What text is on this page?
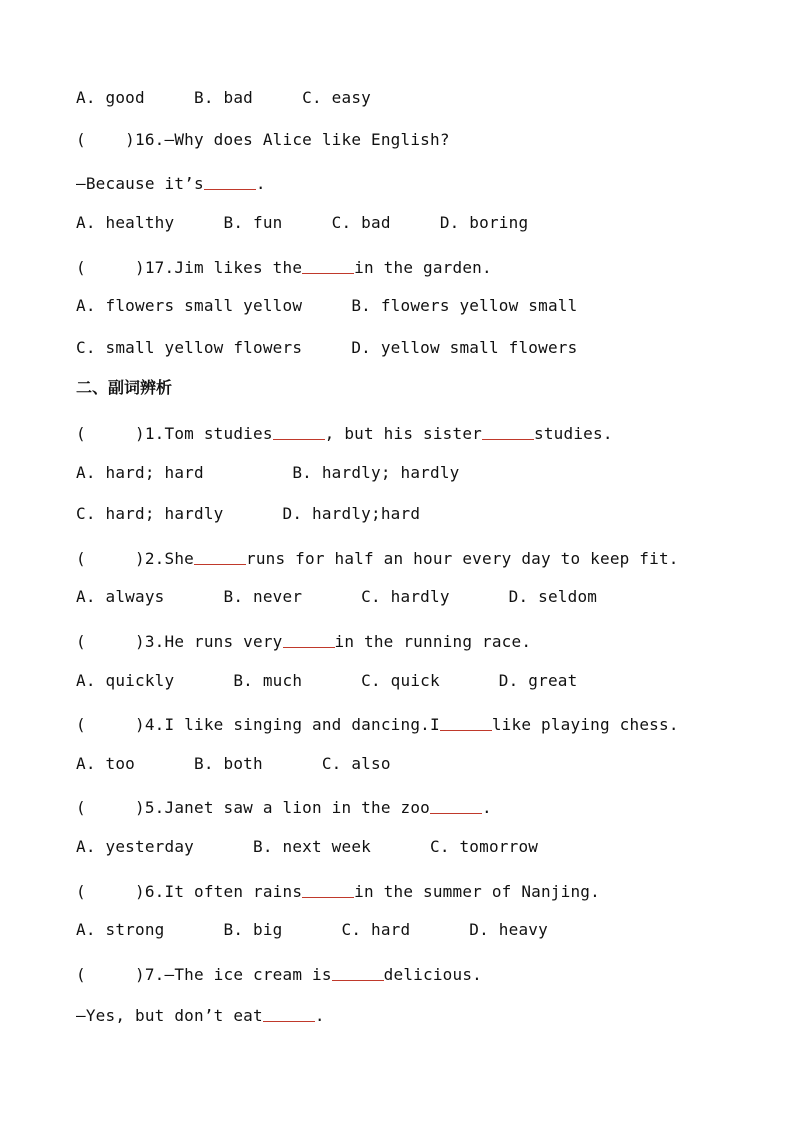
A. good     B. bad     C. easy
(    )16.—Why does Alice like English?
—Because it’s	.
A. healthy     B. fun     C. bad     D. boring
(     )17.Jim likes the	in the garden.
A. flowers small yellow     B. flowers yellow small
C. small yellow flowers     D. yellow small flowers
二、副词辨析
(     )1.Tom studies	, but his sister	studies.
A. hard; hard         B. hardly; hardly
C. hard; hardly      D. hardly;hard
(     )2.She	runs for half an hour every day to keep fit.
A. always      B. never      C. hardly      D. seldom
(     )3.He runs very	in the running race.
A. quickly      B. much      C. quick      D. great
(     )4.I like singing and dancing.I	like playing chess.
A. too      B. both      C. also
(     )5.Janet saw a lion in the zoo	.
A. yesterday      B. next week      C. tomorrow
(     )6.It often rains	in the summer of Nanjing.
A. strong      B. big      C. hard      D. heavy
(     )7.—The ice cream is	delicious.
—Yes, but don’t eat	.
